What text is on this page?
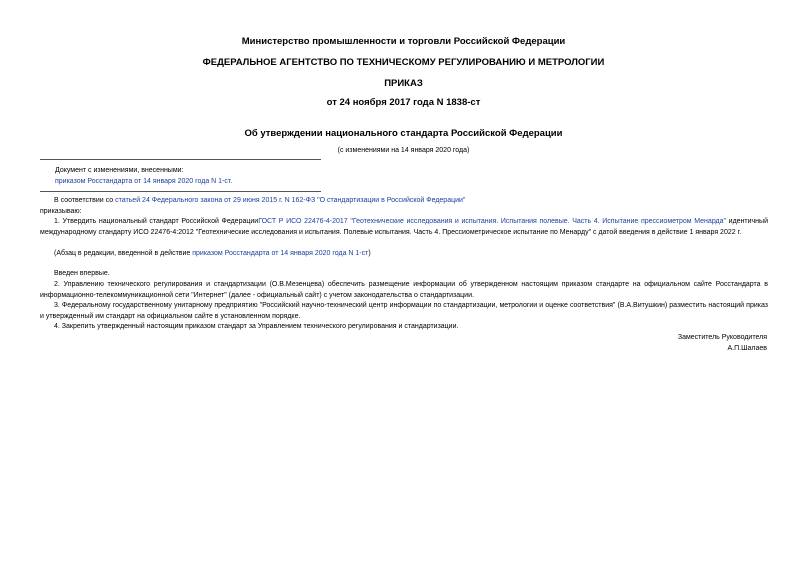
Министерство промышленности и торговли Российской Федерации
ФЕДЕРАЛЬНОЕ АГЕНТСТВО ПО ТЕХНИЧЕСКОМУ РЕГУЛИРОВАНИЮ И МЕТРОЛОГИИ
ПРИКАЗ
от 24 ноября 2017 года N 1838-ст
Об утверждении национального стандарта Российской Федерации
(с изменениями на 14 января 2020 года)
Документ с изменениями, внесенными:
приказом Росстандарта от 14 января 2020 года N 1-ст.
В соответствии со статьей 24 Федерального закона от 29 июня 2015 г. N 162-ФЗ "О стандартизации в Российской Федерации"
приказываю:
1. Утвердить национальный стандарт Российской ФедерацииГОСТ Р ИСО 22476-4-2017 "Геотехнические исследования и испытания. Испытания полевые. Часть 4. Испытание прессиометром Менарда" идентичный международному стандарту ИСО 22476-4:2012 "Геотехнические исследования и испытания. Полевые испытания. Часть 4. Прессиометрическое испытание по Менарду" с датой введения в действие 1 января 2022 г.
(Абзац в редакции, введенной в действие приказом Росстандарта от 14 января 2020 года N 1-ст)
Введен впервые.
2. Управлению технического регулирования и стандартизации (О.В.Мезенцева) обеспечить размещение информации об утвержденном настоящим приказом стандарте на официальном сайте Росстандарта в информационно-телекоммуникационной сети "Интернет" (далее - официальный сайт) с учетом законодательства о стандартизации.
3. Федеральному государственному унитарному предприятию "Российский научно-технический центр информации по стандартизации, метрологии и оценке соответствия" (В.А.Витушкин) разместить настоящий приказ и утвержденный им стандарт на официальном сайте в установленном порядке.
4. Закрепить утвержденный настоящим приказом стандарт за Управлением технического регулирования и стандартизации.
Заместитель Руководителя
А.П.Шалаев
